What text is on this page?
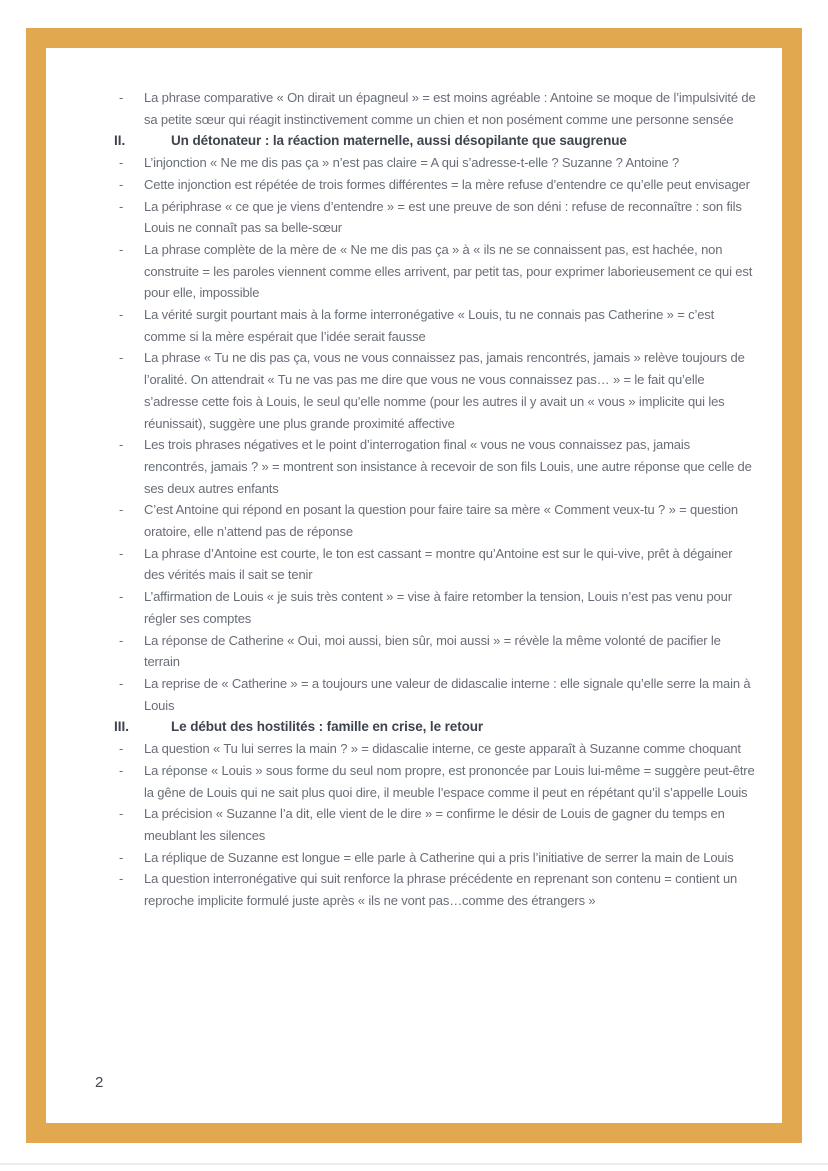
-	La phrase comparative « On dirait un épagneul » = est moins agréable : Antoine se moque de l’impulsivité de sa petite sœur qui réagit instinctivement comme un chien et non posément comme une personne sensée
II.	Un détonateur : la réaction maternelle, aussi désopilante que saugrenue
-	L’injonction « Ne me dis pas ça » n’est pas claire = A qui s’adresse-t-elle ? Suzanne ? Antoine ?
-	Cette injonction est répétée de trois formes différentes = la mère refuse d’entendre ce qu’elle peut envisager
-	La périphrase « ce que je viens d’entendre » = est une preuve de son déni : refuse de reconnaître : son fils Louis ne connaît pas sa belle-sœur
-	La phrase complète de la mère de « Ne me dis pas ça » à « ils ne se connaissent pas, est hachée, non construite = les paroles viennent comme elles arrivent, par petit tas, pour exprimer laborieusement ce qui est pour elle, impossible
-	La vérité surgit pourtant mais à la forme interronégative « Louis, tu ne connais pas Catherine » = c’est comme si la mère espérait que l’idée serait fausse
-	La phrase « Tu ne dis pas ça, vous ne vous connaissez pas, jamais rencontrés, jamais » relève toujours de l’oralité. On attendrait « Tu ne vas pas me dire que vous ne vous connaissez pas… » = le fait qu’elle s’adresse cette fois à Louis, le seul qu’elle nomme (pour les autres il y avait un « vous » implicite qui les réunissait), suggère une plus grande proximité affective
-	Les trois phrases négatives et le point d’interrogation final « vous ne vous connaissez pas, jamais rencontrés, jamais ? » = montrent son insistance à recevoir de son fils Louis, une autre réponse que celle de ses deux autres enfants
-	C’est Antoine qui répond en posant la question pour faire taire sa mère « Comment veux-tu ? » = question oratoire, elle n’attend pas de réponse
-	La phrase d’Antoine est courte, le ton est cassant = montre qu’Antoine est sur le qui-vive, prêt à dégainer des vérités mais il sait se tenir
-	L’affirmation de Louis « je suis très content » = vise à faire retomber la tension, Louis n’est pas venu pour régler ses comptes
-	La réponse de Catherine « Oui, moi aussi, bien sûr, moi aussi » = révèle la même volonté de pacifier le terrain
-	La reprise de « Catherine » = a toujours une valeur de didascalie interne : elle signale qu’elle serre la main à Louis
III.	Le début des hostilités : famille en crise, le retour
-	La question « Tu lui serres la main ? » = didascalie interne, ce geste apparaît à Suzanne comme choquant
-	La réponse « Louis » sous forme du seul nom propre, est prononcée par Louis lui-même = suggère peut-être la gêne de Louis qui ne sait plus quoi dire, il meuble l’espace comme il peut en répétant qu’il s’appelle Louis
-	La précision « Suzanne l’a dit, elle vient de le dire » = confirme le désir de Louis de gagner du temps en meublant les silences
-	La réplique de Suzanne est longue = elle parle à Catherine qui a pris l’initiative de serrer la main de Louis
-	La question interronégative qui suit renforce la phrase précédente en reprenant son contenu = contient un reproche implicite formulé juste après « ils ne vont pas…comme des étrangers »
2
